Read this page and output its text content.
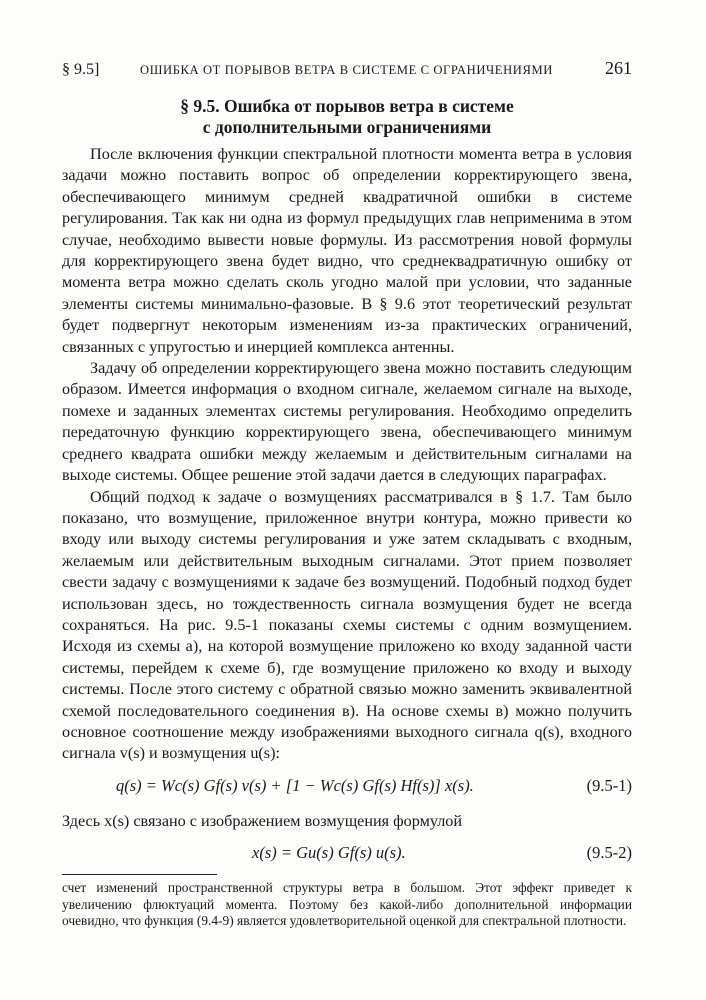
§ 9.5]	ОШИБКА ОТ ПОРЫВОВ ВЕТРА В СИСТЕМЕ С ОГРАНИЧЕНИЯМИ	261
§ 9.5. Ошибка от порывов ветра в системе
с дополнительными ограничениями

После включения функции спектральной плотности момента ветра в условия задачи можно поставить вопрос об определении корректирующего звена, обеспечивающего минимум средней квадратичной ошибки в системе регулирования. Так как ни одна из формул предыдущих глав неприменима в этом случае, необходимо вывести новые формулы. Из рассмотрения новой формулы для корректирующего звена будет видно, что среднеквадратичную ошибку от момента ветра можно сделать сколь угодно малой при условии, что заданные элементы системы минимально-фазовые. В § 9.6 этот теоретический результат будет подвергнут некоторым изменениям из-за практических ограничений, связанных с упругостью и инерцией комплекса антенны.

Задачу об определении корректирующего звена можно поставить следующим образом. Имеется информация о входном сигнале, желаемом сигнале на выходе, помехе и заданных элементах системы регулирования. Необходимо определить передаточную функцию корректирующего звена, обеспечивающего минимум среднего квадрата ошибки между желаемым и действительным сигналами на выходе системы. Общее решение этой задачи дается в следующих параграфах.

Общий подход к задаче о возмущениях рассматривался в § 1.7. Там было показано, что возмущение, приложенное внутри контура, можно привести ко входу или выходу системы регулирования и уже затем складывать с входным, желаемым или действительным выходным сигналами. Этот прием позволяет свести задачу с возмущениями к задаче без возмущений. Подобный подход будет использован здесь, но тождественность сигнала возмущения будет не всегда сохраняться. На рис. 9.5-1 показаны схемы системы с одним возмущением. Исходя из схемы а), на которой возмущение приложено ко входу заданной части системы, перейдем к схеме б), где возмущение приложено ко входу и выходу системы. После этого систему с обратной связью можно заменить эквивалентной схемой последовательного соединения в). На основе схемы в) можно получить основное соотношение между изображениями выходного сигнала q(s), входного сигнала v(s) и возмущения u(s):

q(s) = Wc(s) Gf(s) v(s) + [1 − Wc(s) Gf(s) Hf(s)] x(s).	(9.5-1)

Здесь x(s) связано с изображением возмущения формулой

x(s) = Gu(s) Gf(s) u(s).	(9.5-2)
счет изменений пространственной структуры ветра в большом. Этот эффект приведет к увеличению флюктуаций момента. Поэтому без какой-либо дополнительной информации очевидно, что функция (9.4-9) является удовлетворительной оценкой для спектральной плотности.
